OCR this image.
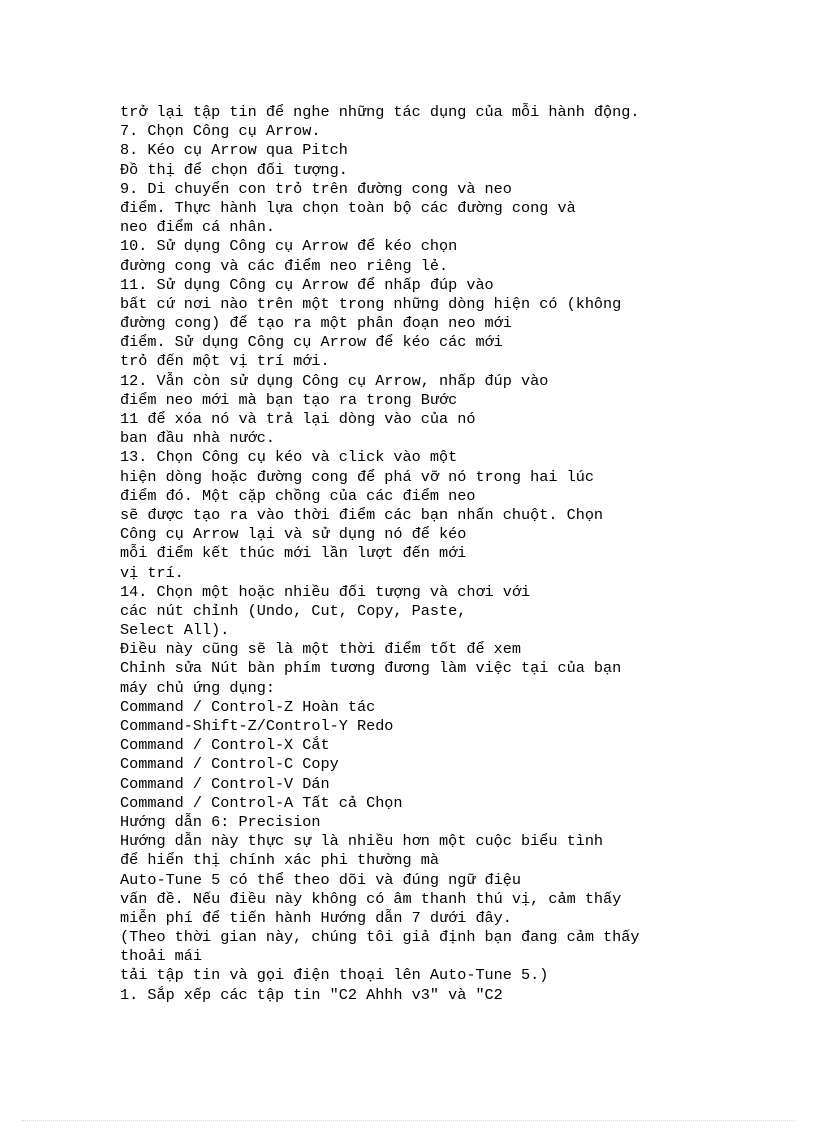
trở lại tập tin để nghe những tác dụng của mỗi hành động.
7. Chọn Công cụ Arrow.
8. Kéo cụ Arrow qua Pitch
Đồ thị để chọn đối tượng.
9. Di chuyển con trỏ trên đường cong và neo
điểm. Thực hành lựa chọn toàn bộ các đường cong và
neo điểm cá nhân.
10. Sử dụng Công cụ Arrow để kéo chọn
đường cong và các điểm neo riêng lẻ.
11. Sử dụng Công cụ Arrow để nhấp đúp vào
bất cứ nơi nào trên một trong những dòng hiện có (không
đường cong) để tạo ra một phân đoạn neo mới
điểm. Sử dụng Công cụ Arrow để kéo các mới
trỏ đến một vị trí mới.
12. Vẫn còn sử dụng Công cụ Arrow, nhấp đúp vào
điểm neo mới mà bạn tạo ra trong Bước
11 để xóa nó và trả lại dòng vào của nó
ban đầu nhà nước.
13. Chọn Công cụ kéo và click vào một
hiện dòng hoặc đường cong để phá vỡ nó trong hai lúc
điểm đó. Một cặp chồng của các điểm neo
sẽ được tạo ra vào thời điểm các bạn nhấn chuột. Chọn
Công cụ Arrow lại và sử dụng nó để kéo
mỗi điểm kết thúc mới lần lượt đến mới
vị trí.
14. Chọn một hoặc nhiều đối tượng và chơi với
các nút chỉnh (Undo, Cut, Copy, Paste,
Select All).
Điều này cũng sẽ là một thời điểm tốt để xem
Chỉnh sửa Nút bàn phím tương đương làm việc tại của bạn
máy chủ ứng dụng:
Command / Control-Z Hoàn tác
Command-Shift-Z/Control-Y Redo
Command / Control-X Cắt
Command / Control-C Copy
Command / Control-V Dán
Command / Control-A Tất cả Chọn
Hướng dẫn 6: Precision
Hướng dẫn này thực sự là nhiều hơn một cuộc biểu tình
để hiển thị chính xác phi thường mà
Auto-Tune 5 có thể theo dõi và đúng ngữ điệu
vấn đề. Nếu điều này không có âm thanh thú vị, cảm thấy
miễn phí để tiến hành Hướng dẫn 7 dưới đây.
(Theo thời gian này, chúng tôi giả định bạn đang cảm thấy
thoải mái
tải tập tin và gọi điện thoại lên Auto-Tune 5.)
1. Sắp xếp các tập tin "C2 Ahhh v3" và "C2
